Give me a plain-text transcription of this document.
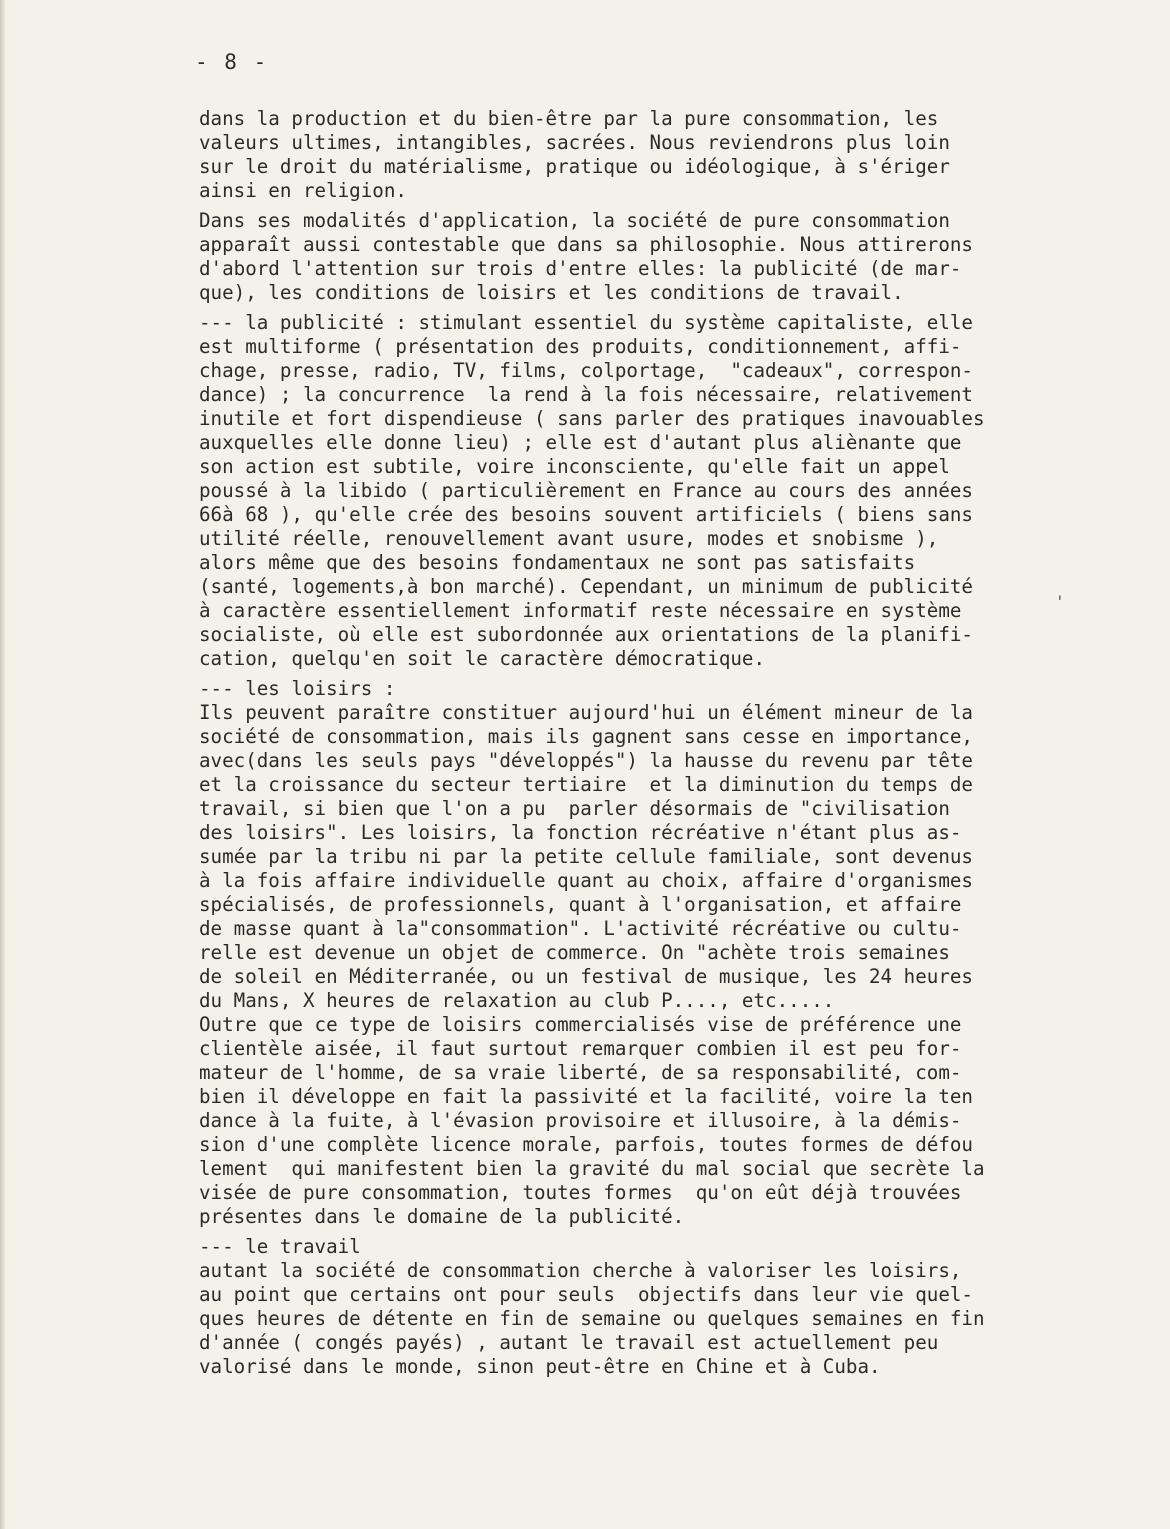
- 8 -

dans la production et du bien-être par la pure consommation, les
valeurs ultimes, intangibles, sacrées. Nous reviendrons plus loin
sur le droit du matérialisme, pratique ou idéologique, à s'ériger
ainsi en religion.
Dans ses modalités d'application, la société de pure consommation
apparaît aussi contestable que dans sa philosophie. Nous attirerons
d'abord l'attention sur trois d'entre elles: la publicité (de mar-
que), les conditions de loisirs et les conditions de travail.
--- la publicité : stimulant essentiel du système capitaliste, elle
est multiforme ( présentation des produits, conditionnement, affi-
chage, presse, radio, TV, films, colportage,  "cadeaux", correspon-
dance) ; la concurrence  la rend à la fois nécessaire, relativement
inutile et fort dispendieuse ( sans parler des pratiques inavouables
auxquelles elle donne lieu) ; elle est d'autant plus aliènante que
son action est subtile, voire inconsciente, qu'elle fait un appel
poussé à la libido ( particulièrement en France au cours des années
66à 68 ), qu'elle crée des besoins souvent artificiels ( biens sans
utilité réelle, renouvellement avant usure, modes et snobisme ),
alors même que des besoins fondamentaux ne sont pas satisfaits
(santé, logements,à bon marché). Cependant, un minimum de publicité
à caractère essentiellement informatif reste nécessaire en système
socialiste, où elle est subordonnée aux orientations de la planifi-
cation, quelqu'en soit le caractère démocratique.
--- les loisirs :
Ils peuvent paraître constituer aujourd'hui un élément mineur de la
société de consommation, mais ils gagnent sans cesse en importance,
avec(dans les seuls pays "développés") la hausse du revenu par tête
et la croissance du secteur tertiaire  et la diminution du temps de
travail, si bien que l'on a pu  parler désormais de "civilisation
des loisirs". Les loisirs, la fonction récréative n'étant plus as-
sumée par la tribu ni par la petite cellule familiale, sont devenus
à la fois affaire individuelle quant au choix, affaire d'organismes
spécialisés, de professionnels, quant à l'organisation, et affaire
de masse quant à la"consommation". L'activité récréative ou cultu-
relle est devenue un objet de commerce. On "achète trois semaines
de soleil en Méditerranée, ou un festival de musique, les 24 heures
du Mans, X heures de relaxation au club P...., etc.....
Outre que ce type de loisirs commercialisés vise de préférence une
clientèle aisée, il faut surtout remarquer combien il est peu for-
mateur de l'homme, de sa vraie liberté, de sa responsabilité, com-
bien il développe en fait la passivité et la facilité, voire la ten
dance à la fuite, à l'évasion provisoire et illusoire, à la démis-
sion d'une complète licence morale, parfois, toutes formes de défou
lement  qui manifestent bien la gravité du mal social que secrète la
visée de pure consommation, toutes formes  qu'on eût déjà trouvées
présentes dans le domaine de la publicité.
--- le travail
autant la société de consommation cherche à valoriser les loisirs,
au point que certains ont pour seuls  objectifs dans leur vie quel-
ques heures de détente en fin de semaine ou quelques semaines en fin
d'année ( congés payés) , autant le travail est actuellement peu
valorisé dans le monde, sinon peut-être en Chine et à Cuba.
'
